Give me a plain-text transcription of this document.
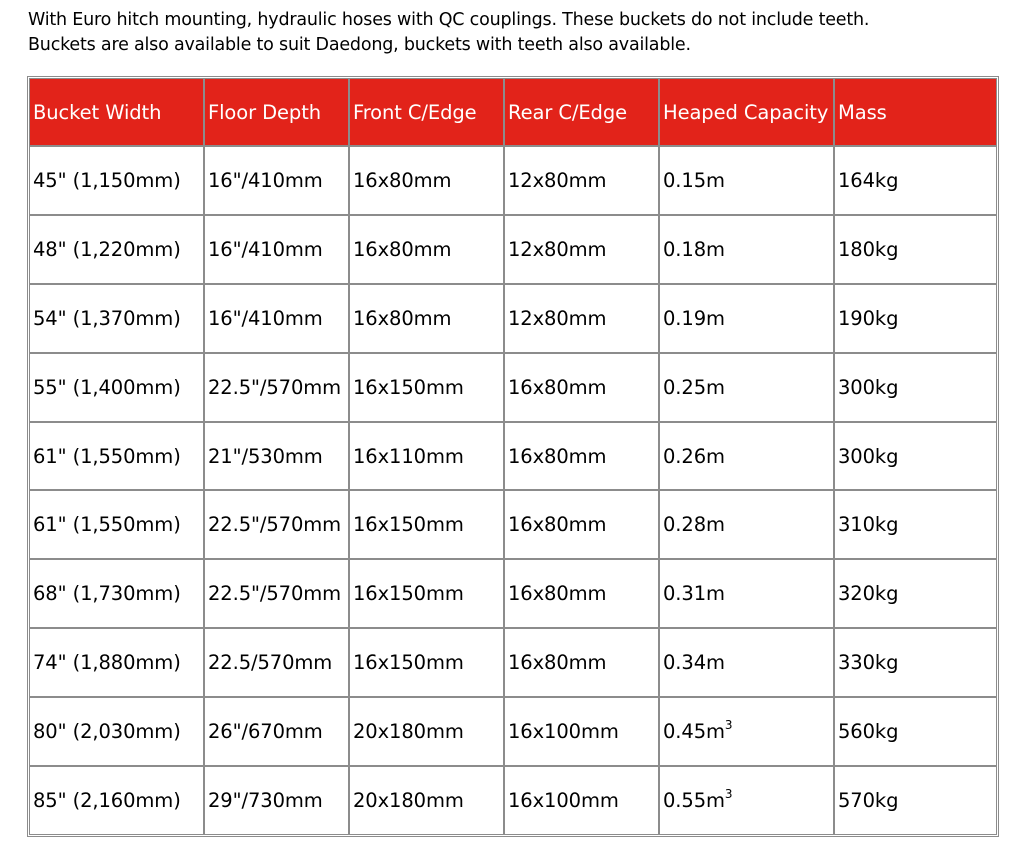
With Euro hitch mounting, hydraulic hoses with QC couplings. These buckets do not include teeth.

Buckets are also available to suit Daedong, buckets with teeth also available.

Bucket Width	Floor Depth	Front C/Edge	Rear C/Edge	Heaped Capacity	Mass
45" (1,150mm)	16"/410mm	16x80mm	12x80mm	0.15m	164kg
48" (1,220mm)	16"/410mm	16x80mm	12x80mm	0.18m	180kg
54" (1,370mm)	16"/410mm	16x80mm	12x80mm	0.19m	190kg
55" (1,400mm)	22.5"/570mm	16x150mm	16x80mm	0.25m	300kg
61" (1,550mm)	21"/530mm	16x110mm	16x80mm	0.26m	300kg
61" (1,550mm)	22.5"/570mm	16x150mm	16x80mm	0.28m	310kg
68" (1,730mm)	22.5"/570mm	16x150mm	16x80mm	0.31m	320kg
74" (1,880mm)	22.5/570mm	16x150mm	16x80mm	0.34m	330kg
80" (2,030mm)	26"/670mm	20x180mm	16x100mm	$0.45m^3$	560kg
85" (2,160mm)	29"/730mm	20x180mm	16x100mm	$0.55m^3$	570kg
